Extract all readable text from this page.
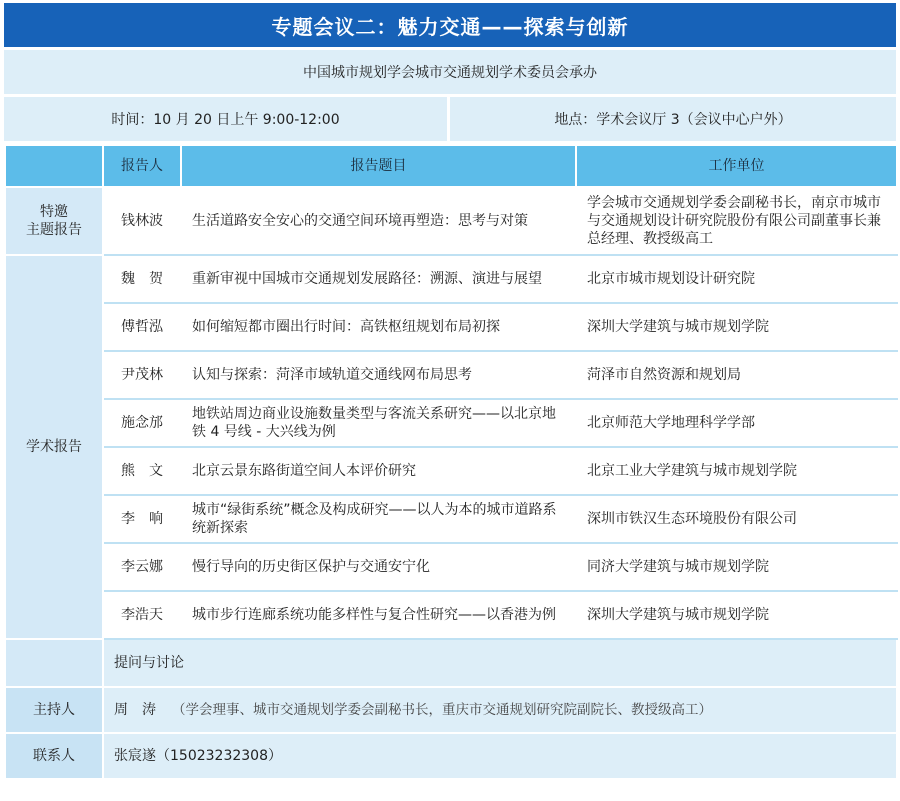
专题会议二：魅力交通——探索与创新
中国城市规划学会城市交通规划学术委员会承办
时间：10 月 20 日上午 9:00-12:00	地点：学术会议厅 3（会议中心户外）
	报告人	报告题目	工作单位
特邀
主题报告	钱林波	生活道路安全安心的交通空间环境再塑造：思考与对策	学会城市交通规划学委会副秘书长，南京市城市与交通规划设计研究院股份有限公司副董事长兼总经理、教授级高工
学术报告	魏　贺	重新审视中国城市交通规划发展路径：溯源、演进与展望	北京市城市规划设计研究院
	傅哲泓	如何缩短都市圈出行时间：高铁枢纽规划布局初探	深圳大学建筑与城市规划学院
	尹茂林	认知与探索：菏泽市域轨道交通线网布局思考	菏泽市自然资源和规划局
	施念邡	地铁站周边商业设施数量类型与客流关系研究——以北京地铁 4 号线 - 大兴线为例	北京师范大学地理科学学部
	熊　文	北京云景东路街道空间人本评价研究	北京工业大学建筑与城市规划学院
	李　响	城市“绿街系统”概念及构成研究——以人为本的城市道路系统新探索	深圳市铁汉生态环境股份有限公司
	李云娜	慢行导向的历史街区保护与交通安宁化	同济大学建筑与城市规划学院
	李浩天	城市步行连廊系统功能多样性与复合性研究——以香港为例	深圳大学建筑与城市规划学院
	提问与讨论		
主持人	周　涛 （学会理事、城市交通规划学委会副秘书长，重庆市交通规划研究院副院长、教授级高工）		
联系人	张宸遂（15023232308）		
